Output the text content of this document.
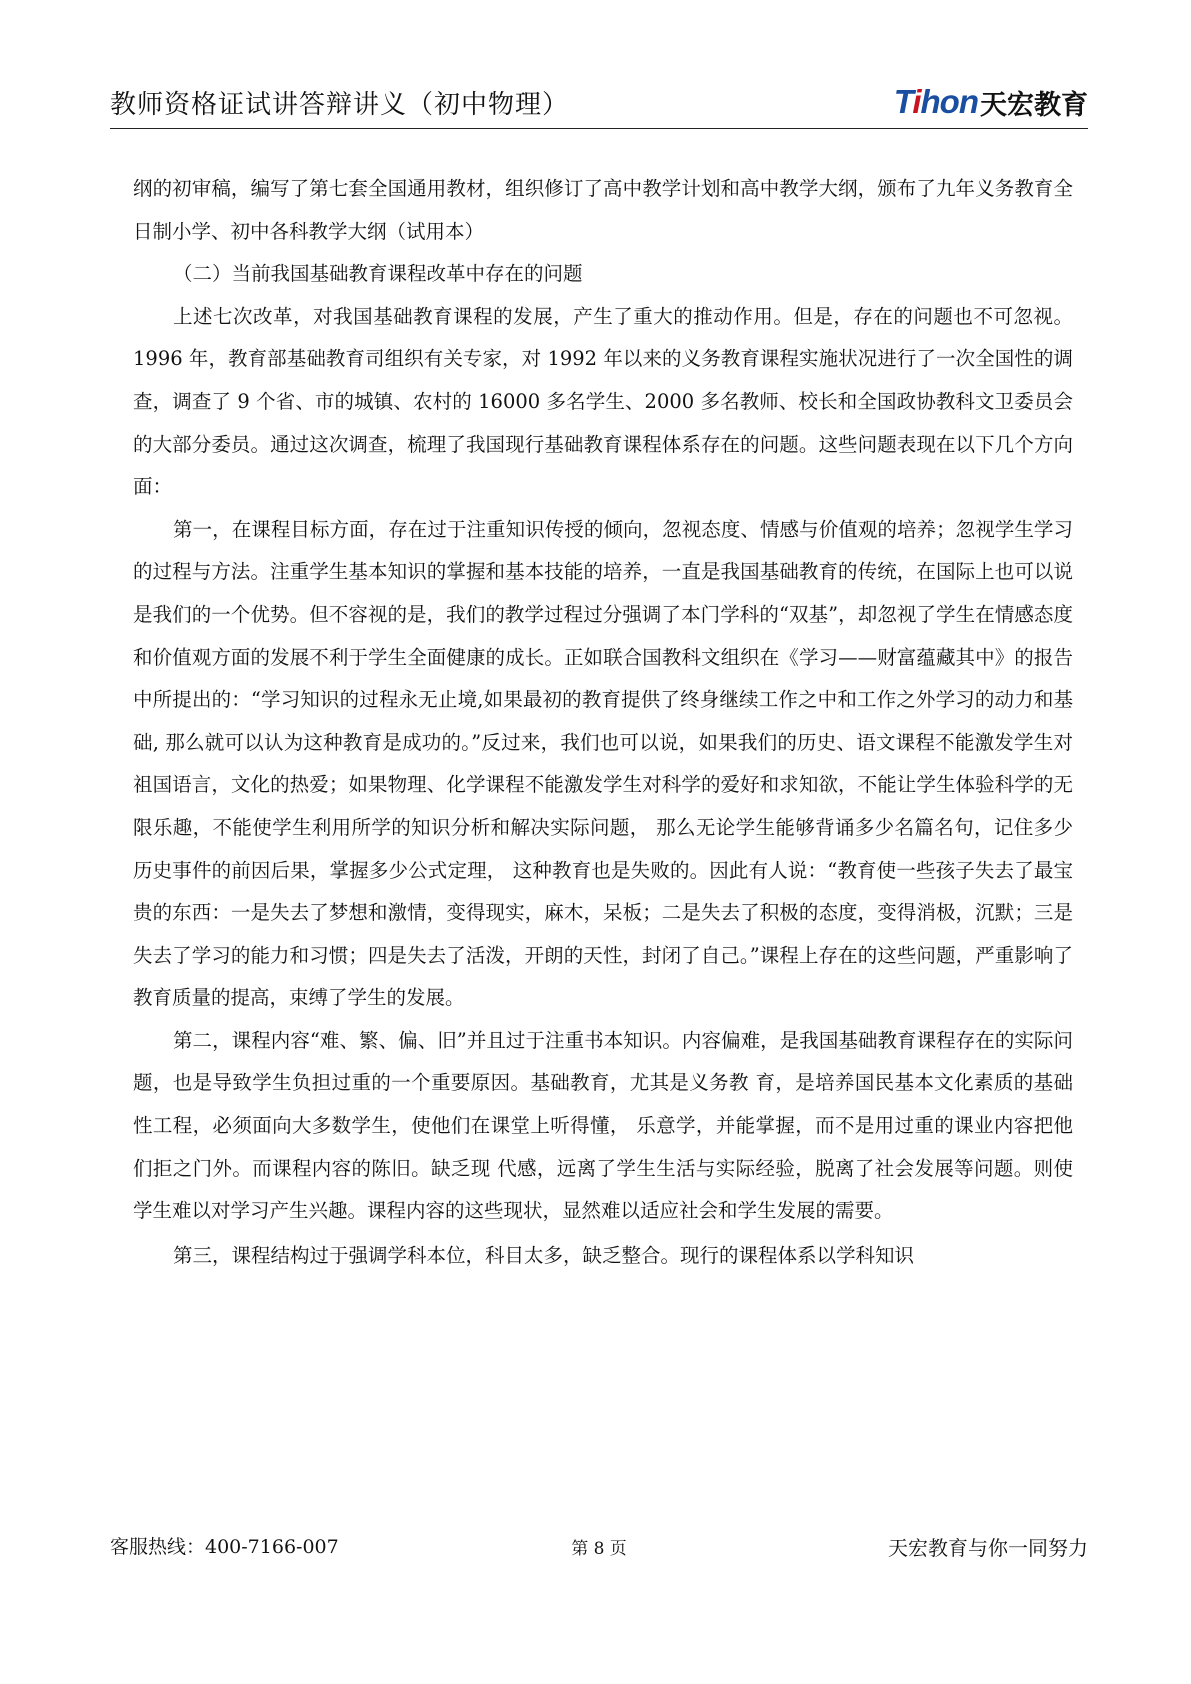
教师资格证试讲答辩讲义（初中物理）	Tihon 天宏教育

纲的初审稿，编写了第七套全国通用教材，组织修订了高中教学计划和高中教学大纲，颁布了九年义务教育全日制小学、初中各科教学大纲（试用本）

（二）当前我国基础教育课程改革中存在的问题

上述七次改革，对我国基础教育课程的发展，产生了重大的推动作用。但是，存在的问题也不可忽视。1996 年，教育部基础教育司组织有关专家，对 1992 年以来的义务教育课程实施状况进行了一次全国性的调查，调查了 9 个省、市的城镇、农村的 16000 多名学生、2000 多名教师、校长和全国政协教科文卫委员会的大部分委员。通过这次调查，梳理了我国现行基础教育课程体系存在的问题。这些问题表现在以下几个方向面：

第一，在课程目标方面，存在过于注重知识传授的倾向，忽视态度、情感与价值观的培养；忽视学生学习的过程与方法。注重学生基本知识的掌握和基本技能的培养，一直是我国基础教育的传统，在国际上也可以说是我们的一个优势。但不容视的是，我们的教学过程过分强调了本门学科的“双基”，却忽视了学生在情感态度和价值观方面的发展不利于学生全面健康的成长。正如联合国教科文组织在《学习——财富蕴藏其中》的报告中所提出的：“学习知识的过程永无止境,如果最初的教育提供了终身继续工作之中和工作之外学习的动力和基础, 那么就可以认为这种教育是成功的。”反过来，我们也可以说，如果我们的历史、语文课程不能激发学生对祖国语言，文化的热爱；如果物理、化学课程不能激发学生对科学的爱好和求知欲，不能让学生体验科学的无限乐趣，不能使学生利用所学的知识分析和解决实际问题， 那么无论学生能够背诵多少名篇名句，记住多少历史事件的前因后果，掌握多少公式定理， 这种教育也是失败的。因此有人说：“教育使一些孩子失去了最宝贵的东西：一是失去了梦想和激情，变得现实，麻木，呆板；二是失去了积极的态度，变得消极，沉默；三是失去了学习的能力和习惯；四是失去了活泼，开朗的天性，封闭了自己。”课程上存在的这些问题，严重影响了教育质量的提高，束缚了学生的发展。

第二，课程内容“难、繁、偏、旧”并且过于注重书本知识。内容偏难，是我国基础教育课程存在的实际问题，也是导致学生负担过重的一个重要原因。基础教育，尤其是义务教 育，是培养国民基本文化素质的基础性工程，必须面向大多数学生，使他们在课堂上听得懂， 乐意学，并能掌握，而不是用过重的课业内容把他们拒之门外。而课程内容的陈旧。缺乏现 代感，远离了学生生活与实际经验，脱离了社会发展等问题。则使学生难以对学习产生兴趣。课程内容的这些现状，显然难以适应社会和学生发展的需要。

第三，课程结构过于强调学科本位，科目太多，缺乏整合。现行的课程体系以学科知识

客服热线：400-7166-007	第 8 页	天宏教育与你一同努力
